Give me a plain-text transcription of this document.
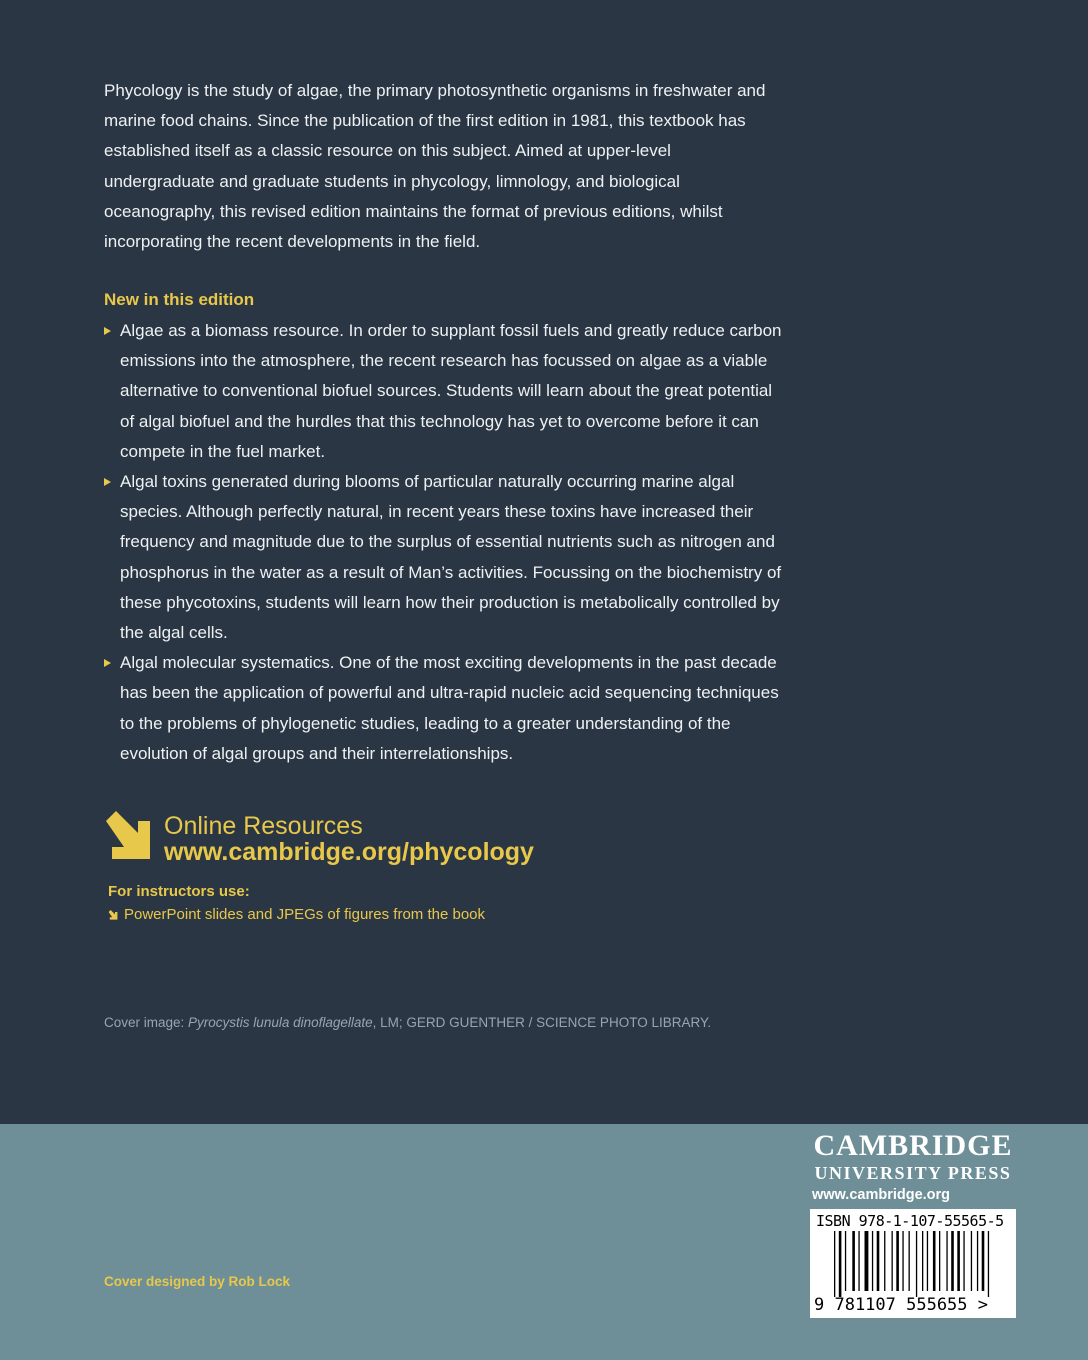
Phycology is the study of algae, the primary photosynthetic organisms in freshwater and marine food chains. Since the publication of the first edition in 1981, this textbook has established itself as a classic resource on this subject. Aimed at upper-level undergraduate and graduate students in phycology, limnology, and biological oceanography, this revised edition maintains the format of previous editions, whilst incorporating the recent developments in the field.

New in this edition

Algae as a biomass resource. In order to supplant fossil fuels and greatly reduce carbon emissions into the atmosphere, the recent research has focussed on algae as a viable alternative to conventional biofuel sources. Students will learn about the great potential of algal biofuel and the hurdles that this technology has yet to overcome before it can compete in the fuel market.
Algal toxins generated during blooms of particular naturally occurring marine algal species. Although perfectly natural, in recent years these toxins have increased their frequency and magnitude due to the surplus of essential nutrients such as nitrogen and phosphorus in the water as a result of Man’s activities. Focussing on the biochemistry of these phycotoxins, students will learn how their production is metabolically controlled by the algal cells.
Algal molecular systematics. One of the most exciting developments in the past decade has been the application of powerful and ultra-rapid nucleic acid sequencing techniques to the problems of phylogenetic studies, leading to a greater understanding of the evolution of algal groups and their interrelationships.
Online Resources
www.cambridge.org/phycology
For instructors use:
PowerPoint slides and JPEGs of figures from the book
Cover image: Pyrocystis lunula dinoflagellate, LM; GERD GUENTHER / SCIENCE PHOTO LIBRARY.
Cover designed by Rob Lock
CAMBRIDGE
UNIVERSITY PRESS
www.cambridge.org
ISBN 978-1-107-55565-5
9 781107 555655 >
